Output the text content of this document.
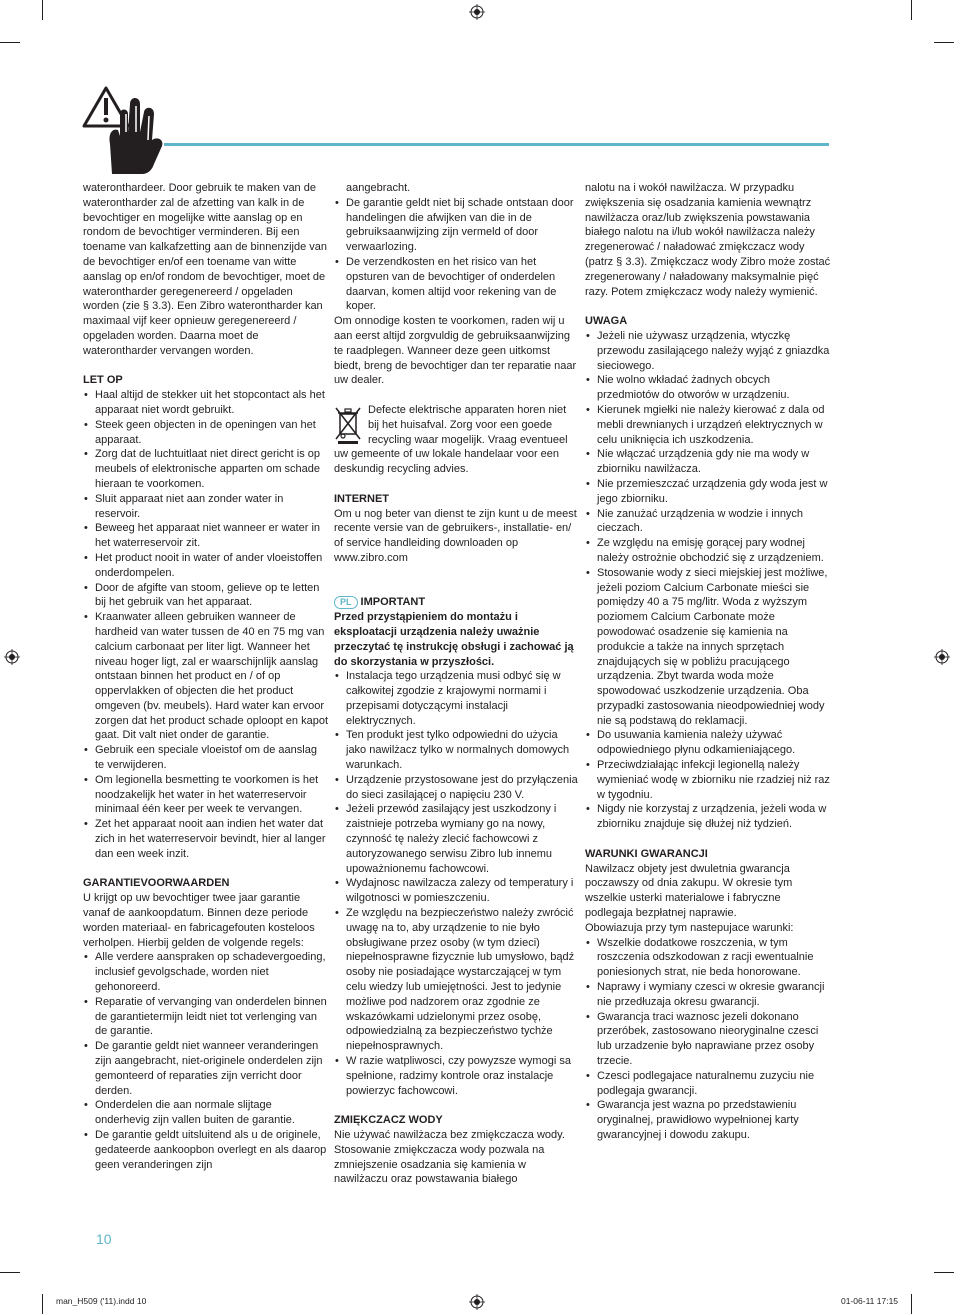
wateronthardeer. Door gebruik te maken van de waterontharder zal de afzetting van kalk in de bevochtiger en mogelijke witte aanslag op en rondom de bevochtiger verminderen. Bij een toename van kalkafzetting aan de binnenzijde van de bevochtiger en/of een toename van witte aanslag op en/of rondom de bevochtiger, moet de waterontharder geregenereerd / opgeladen worden (zie § 3.3). Een Zibro waterontharder kan maximaal vijf keer opnieuw geregenereerd / opgeladen worden. Daarna moet de waterontharder vervangen worden.

LET OP
• Haal altijd de stekker uit het stopcontact als het apparaat niet wordt gebruikt.
• Steek geen objecten in de openingen van het apparaat.
• Zorg dat de luchtuitlaat niet direct gericht is op meubels of elektronische apparten om schade hieraan te voorkomen.
• Sluit apparaat niet aan zonder water in reservoir.
• Beweeg het apparaat niet wanneer er water in het waterreservoir zit.
• Het product nooit in water of ander vloeistoffen onderdompelen.
• Door de afgifte van stoom, gelieve op te letten bij het gebruik van het apparaat.
• Kraanwater alleen gebruiken wanneer de hardheid van water tussen de 40 en 75 mg van calcium carbonaat per liter ligt. Wanneer het niveau hoger ligt, zal er waarschijnlijk aanslag ontstaan binnen het product en / of op oppervlakken of objecten die het product omgeven (bv. meubels). Hard water kan ervoor zorgen dat het product schade oploopt en kapot gaat. Dit valt niet onder de garantie.
• Gebruik een speciale vloeistof om de aanslag te verwijderen.
• Om legionella besmetting te voorkomen is het noodzakelijk het water in het waterreservoir minimaal één keer per week te vervangen.
• Zet het apparaat nooit aan indien het water dat zich in het waterreservoir bevindt, hier al langer dan een week inzit.
GARANTIEVOORWAARDEN

U krijgt op uw bevochtiger twee jaar garantie vanaf de aankoopdatum. Binnen deze periode worden materiaal- en fabricagefouten kosteloos verholpen. Hierbij gelden de volgende regels:

• Alle verdere aanspraken op schadevergoeding, inclusief gevolgschade, worden niet gehonoreerd.
• Reparatie of vervanging van onderdelen binnen de garantietermijn leidt niet tot verlenging van de garantie.
• De garantie geldt niet wanneer veranderingen zijn aangebracht, niet-originele onderdelen zijn gemonteerd of reparaties zijn verricht door derden.
• Onderdelen die aan normale slijtage onderhevig zijn vallen buiten de garantie.
• De garantie geldt uitsluitend als u de originele, gedateerde aankoopbon overlegt en als daarop geen veranderingen zijn

aangebracht.

• De garantie geldt niet bij schade ontstaan door handelingen die afwijken van die in de gebruiksaanwijzing zijn vermeld of door verwaarlozing.
• De verzendkosten en het risico van het opsturen van de bevochtiger of onderdelen daarvan, komen altijd voor rekening van de koper.

Om onnodige kosten te voorkomen, raden wij u aan eerst altijd zorgvuldig de gebruiksaanwijzing te raadplegen. Wanneer deze geen uitkomst biedt, breng de bevochtiger dan ter reparatie naar uw dealer.

Defecte elektrische apparaten horen niet bij het huisafval. Zorg voor een goede recycling waar mogelijk. Vraag eventueel uw gemeente of uw lokale handelaar voor een deskundig recycling advies.

INTERNET

Om u nog beter van dienst te zijn kunt u de meest recente versie van de gebruikers-, installatie- en/ of service handleiding downloaden op www.zibro.com

PL IMPORTANT

Przed przystąpieniem do montażu i eksploatacji urządzenia należy uważnie przeczytać tę instrukcję obsługi i zachować ją do skorzystania w przyszłości.

• Instalacja tego urządzenia musi odbyć się w całkowitej zgodzie z krajowymi normami i przepisami dotyczącymi instalacji elektrycznych.
• Ten produkt jest tylko odpowiedni do użycia jako nawilżacz tylko w normalnych domowych warunkach.
• Urządzenie przystosowane jest do przyłączenia do sieci zasilającej o napięciu 230 V.
• Jeżeli przewód zasilający jest uszkodzony i zaistnieje potrzeba wymiany go na nowy, czynność tę należy zlecić fachowcowi z autoryzowanego serwisu Zibro lub innemu upoważnionemu fachowcowi.
• Wydajnosc nawilzacza zalezy od temperatury i wilgotnosci w pomieszczeniu.
• Ze względu na bezpieczeństwo należy zwrócić uwagę na to, aby urządzenie to nie było obsługiwane przez osoby (w tym dzieci) niepełnosprawne fizycznie lub umysłowo, bądź osoby nie posiadające wystarczającej w tym celu wiedzy lub umiejętności. Jest to jedynie możliwe pod nadzorem oraz zgodnie ze wskazówkami udzielonymi przez osobę, odpowiedzialną za bezpieczeństwo tychże niepełnosprawnych.
• W razie watpliwosci, czy powyzsze wymogi sa spełnione, radzimy kontrole oraz instalacje powierzyc fachowcowi.
ZMIĘKCZACZ WODY

Nie używać nawilżacza bez zmiękczacza wody. Stosowanie zmiękczacza wody pozwala na zmniejszenie osadzania się kamienia w nawilżaczu oraz powstawania białego

nalotu na i wokół nawilżacza. W przypadku zwiększenia się osadzania kamienia wewnątrz nawilżacza oraz/lub zwiększenia powstawania białego nalotu na i/lub wokół nawilżacza należy zregenerować / naładować zmiękczacz wody (patrz § 3.3). Zmiękczacz wody Zibro może zostać zregenerowany / naładowany maksymalnie pięć razy. Potem zmiękczacz wody należy wymienić.

UWAGA
• Jeżeli nie używasz urządzenia, wtyczkę przewodu zasilającego należy wyjąć z gniazdka sieciowego.
• Nie wolno wkładać żadnych obcych przedmiotów do otworów w urządzeniu.
• Kierunek mgiełki nie należy kierować z dala od mebli drewnianych i urządzeń elektrycznych w celu uniknięcia ich uszkodzenia.
• Nie włączać urządzenia gdy nie ma wody w zbiorniku nawilżacza.
• Nie przemieszczać urządzenia gdy woda jest w jego zbiorniku.
• Nie zanużać urządzenia w wodzie i innych cieczach.
• Ze względu na emisję gorącej pary wodnej należy ostrożnie obchodzić się z urządzeniem.
• Stosowanie wody z sieci miejskiej jest możliwe, jeżeli poziom Calcium Carbonate mieści sie pomiędzy 40 a 75 mg/litr. Woda z wyższym poziomem Calcium Carbonate może powodować osadzenie się kamienia na produkcie a także na innych sprzętach znajdujących się w pobliżu pracującego urządzenia. Zbyt twarda woda może spowodować uszkodzenie urządzenia. Oba przypadki zastosowania nieodpowiedniej wody nie są podstawą do reklamacji.
• Do usuwania kamienia należy używać odpowiedniego płynu odkamieniającego.
• Przeciwdziałając infekcji legionellą należy wymieniać wodę w zbiorniku nie rzadziej niż raz w tygodniu.
• Nigdy nie korzystaj z urządzenia, jeżeli woda w zbiorniku znajduje się dłużej niż tydzień.
WARUNKI GWARANCJI

Nawilzacz objety jest dwuletnia gwarancja poczawszy od dnia zakupu. W okresie tym wszelkie usterki materialowe i fabryczne podlegaja bezpłatnej naprawie.

Obowiazuja przy tym nastepujace warunki:

• Wszelkie dodatkowe roszczenia, w tym roszczenia odszkodowan z racji ewentualnie poniesionych strat, nie beda honorowane.
• Naprawy i wymiany czesci w okresie gwarancji nie przedłuzaja okresu gwarancji.
• Gwarancja traci waznosc jezeli dokonano przeróbek, zastosowano nieoryginalne czesci lub urzadzenie było naprawiane przez osoby trzecie.
• Czesci podlegajace naturalnemu zuzyciu nie podlegaja gwarancji.
• Gwarancja jest wazna po przedstawieniu oryginalnej, prawidłowo wypełnionej karty gwarancyjnej i dowodu zakupu.
10
man_H509 ('11).indd 10	01-06-11 17:15
